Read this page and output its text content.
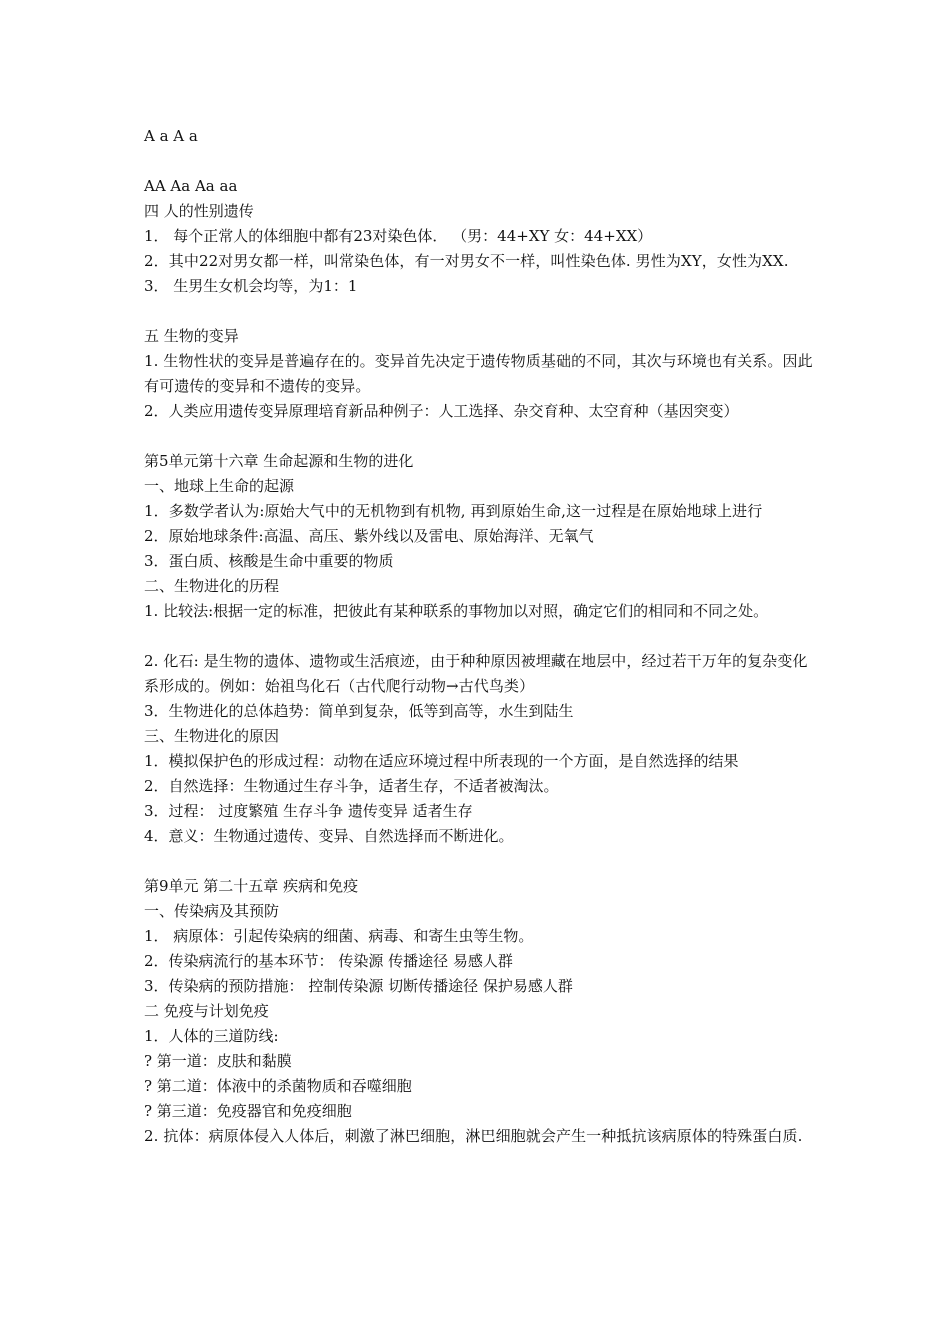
A a A a
AA Aa Aa aa
四 人的性别遗传
1． 每个正常人的体细胞中都有23对染色体． （男：44+XY 女：44+XX）
2．其中22对男女都一样，叫常染色体，有一对男女不一样，叫性染色体. 男性为XY，女性为XX.
3． 生男生女机会均等，为1：1
五 生物的变异
1. 生物性状的变异是普遍存在的。变异首先决定于遗传物质基础的不同，其次与环境也有关系。因此有可遗传的变异和不遗传的变异。
2．人类应用遗传变异原理培育新品种例子：人工选择、杂交育种、太空育种（基因突变）
第5单元第十六章 生命起源和生物的进化
一、地球上生命的起源
1．多数学者认为:原始大气中的无机物到有机物, 再到原始生命,这一过程是在原始地球上进行
2．原始地球条件:高温、高压、紫外线以及雷电、原始海洋、无氧气
3．蛋白质、核酸是生命中重要的物质
二、生物进化的历程
1. 比较法:根据一定的标准，把彼此有某种联系的事物加以对照，确定它们的相同和不同之处。
2. 化石: 是生物的遗体、遗物或生活痕迹，由于种种原因被埋藏在地层中，经过若干万年的复杂变化系形成的。例如：始祖鸟化石（古代爬行动物→古代鸟类）
3．生物进化的总体趋势：简单到复杂，低等到高等，水生到陆生
三、生物进化的原因
1．模拟保护色的形成过程：动物在适应环境过程中所表现的一个方面，是自然选择的结果
2．自然选择：生物通过生存斗争，适者生存，不适者被淘汰。
3．过程： 过度繁殖 生存斗争 遗传变异 适者生存
4．意义：生物通过遗传、变异、自然选择而不断进化。
第9单元 第二十五章 疾病和免疫
一、传染病及其预防
1． 病原体：引起传染病的细菌、病毒、和寄生虫等生物。
2．传染病流行的基本环节： 传染源 传播途径 易感人群
3．传染病的预防措施： 控制传染源 切断传播途径 保护易感人群
二 免疫与计划免疫
1．人体的三道防线:
? 第一道：皮肤和黏膜
? 第二道：体液中的杀菌物质和吞噬细胞
? 第三道：免疫器官和免疫细胞
2. 抗体：病原体侵入人体后，刺激了淋巴细胞，淋巴细胞就会产生一种抵抗该病原体的特殊蛋白质.
